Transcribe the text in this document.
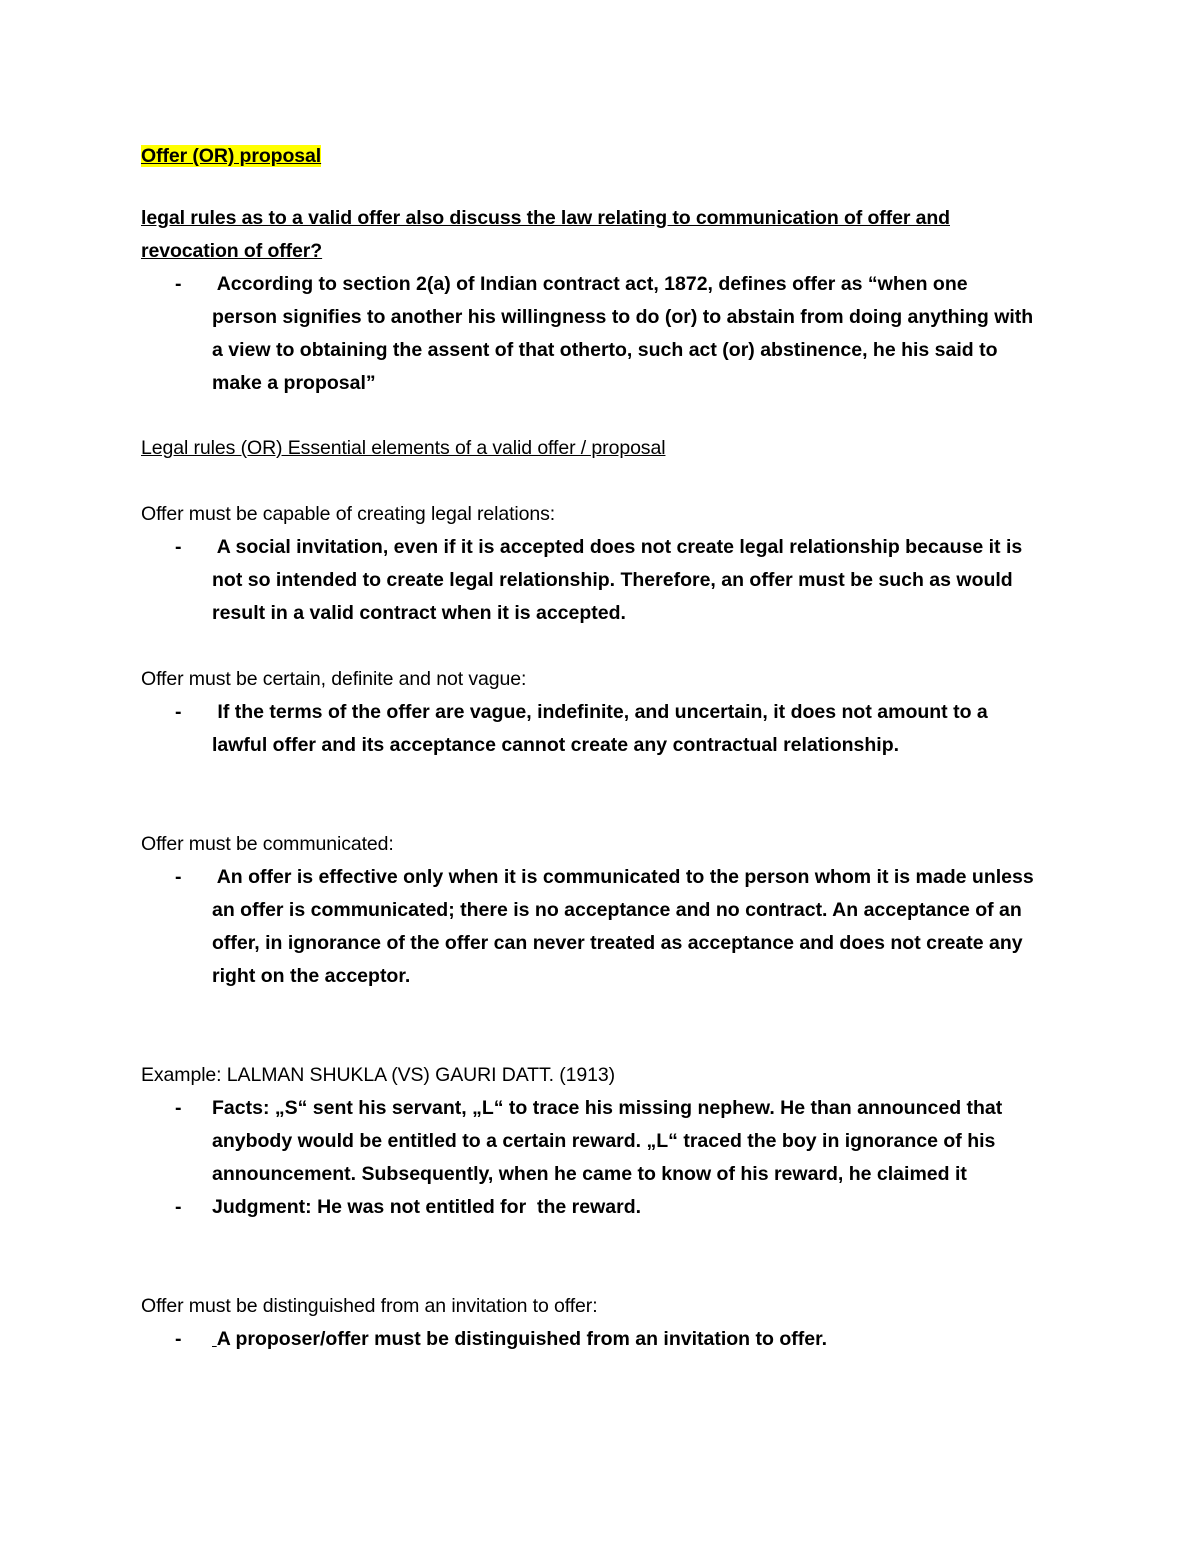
Offer (OR) proposal
legal rules as to a valid offer also discuss the law relating to communication of offer and
revocation of offer?
- According to section 2(a) of Indian contract act, 1872, defines offer as “when one
person signifies to another his willingness to do (or) to abstain from doing anything with
a view to obtaining the assent of that otherto, such act (or) abstinence, he his said to
make a proposal”
Legal rules (OR) Essential elements of a valid offer / proposal
Offer must be capable of creating legal relations:
- A social invitation, even if it is accepted does not create legal relationship because it is
not so intended to create legal relationship. Therefore, an offer must be such as would
result in a valid contract when it is accepted.
Offer must be certain, definite and not vague:
- If the terms of the offer are vague, indefinite, and uncertain, it does not amount to a
lawful offer and its acceptance cannot create any contractual relationship.
Offer must be communicated:
- An offer is effective only when it is communicated to the person whom it is made unless
an offer is communicated; there is no acceptance and no contract. An acceptance of an
offer, in ignorance of the offer can never treated as acceptance and does not create any
right on the acceptor.
Example: LALMAN SHUKLA (VS) GAURI DATT. (1913)
- Facts: „S“ sent his servant, „L“ to trace his missing nephew. He than announced that
anybody would be entitled to a certain reward. „L“ traced the boy in ignorance of his
announcement. Subsequently, when he came to know of his reward, he claimed it
- Judgment: He was not entitled for  the reward.
Offer must be distinguished from an invitation to offer:
- A proposer/offer must be distinguished from an invitation to offer.
